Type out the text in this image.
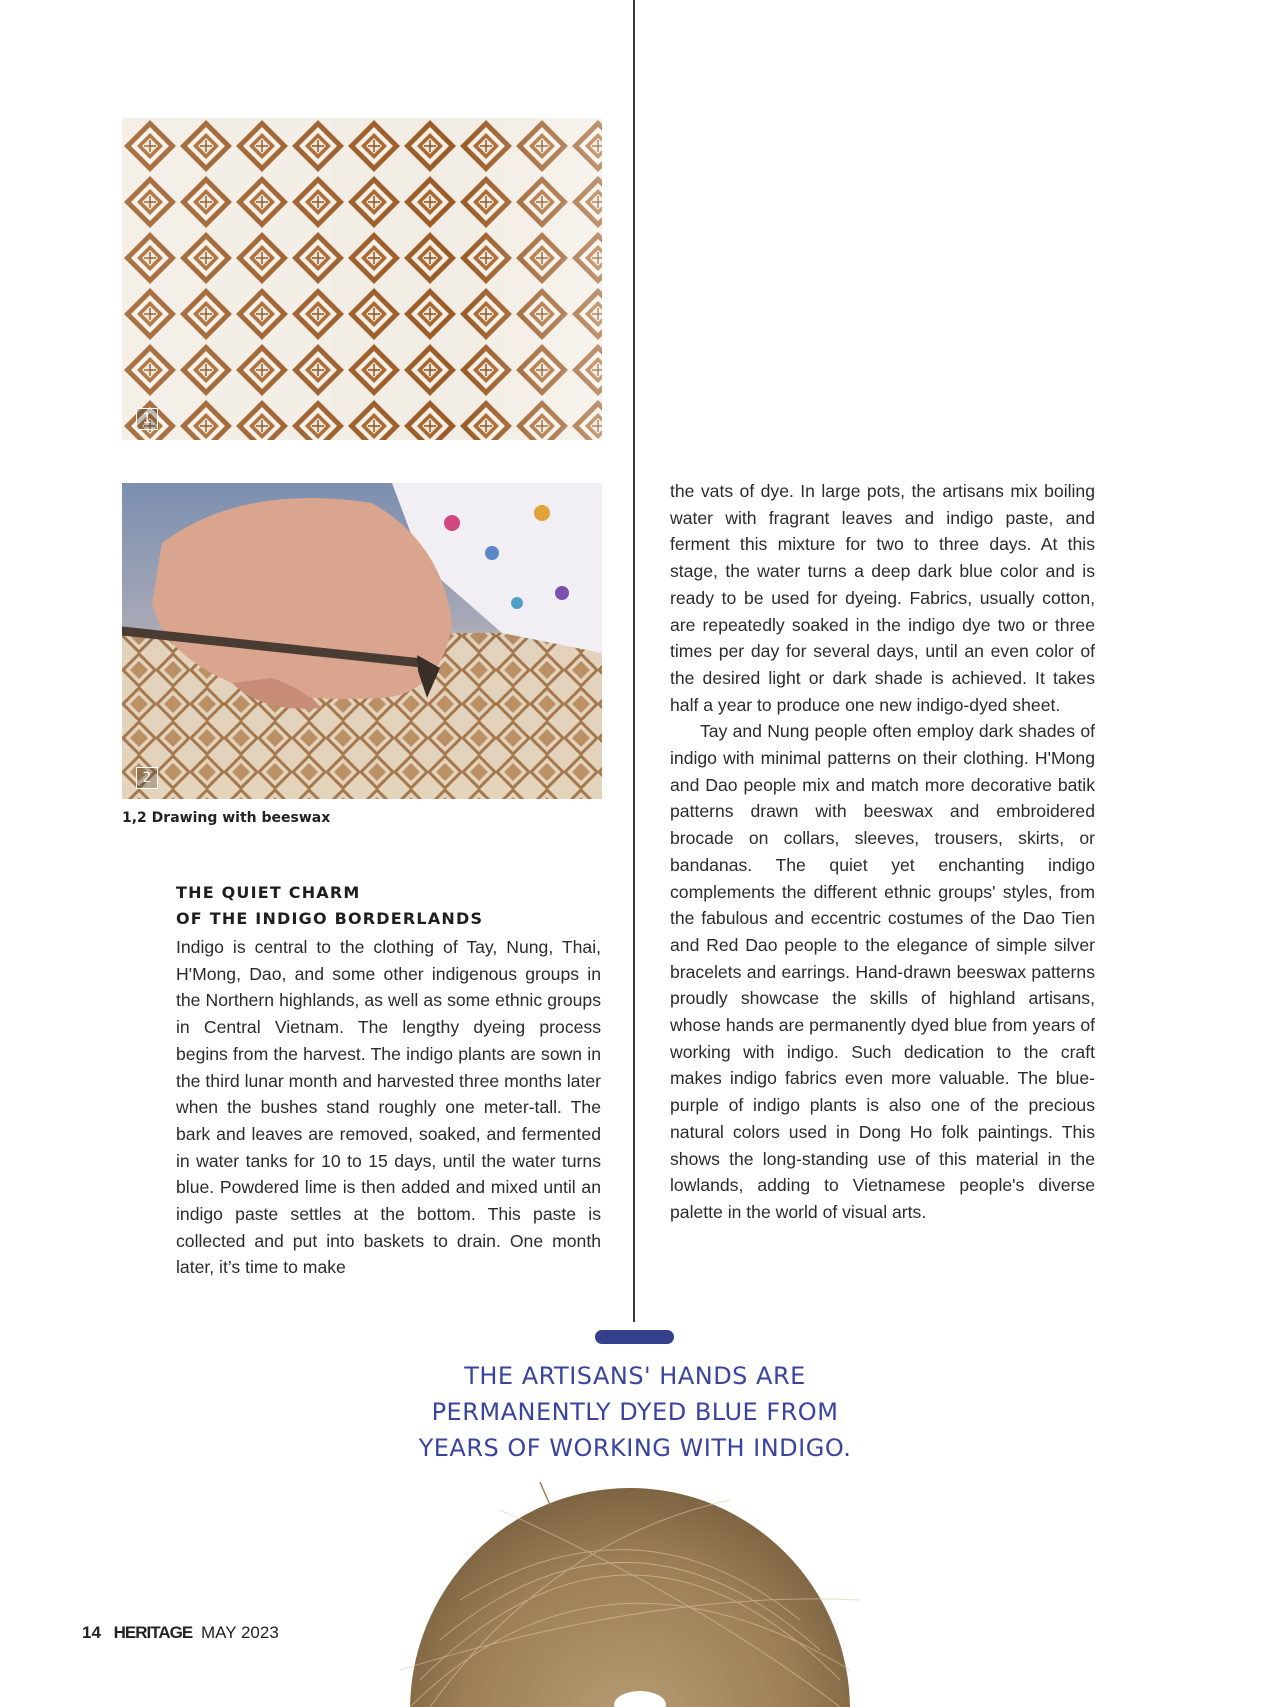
1
2
1,2 Drawing with beeswax
THE QUIET CHARM
OF THE INDIGO BORDERLANDS
Indigo is central to the clothing of Tay, Nung, Thai, H'Mong, Dao, and some other indigenous groups in the Northern highlands, as well as some ethnic groups in Central Vietnam. The lengthy dyeing process begins from the harvest. The indigo plants are sown in the third lunar month and harvested three months later when the bushes stand roughly one meter-tall. The bark and leaves are removed, soaked, and fermented in water tanks for 10 to 15 days, until the water turns blue. Powdered lime is then added and mixed until an indigo paste settles at the bottom. This paste is collected and put into baskets to drain. One month later, it’s time to make

the vats of dye. In large pots, the artisans mix boiling water with fragrant leaves and indigo paste, and ferment this mixture for two to three days. At this stage, the water turns a deep dark blue color and is ready to be used for dyeing. Fabrics, usually cotton, are repeatedly soaked in the indigo dye two or three times per day for several days, until an even color of the desired light or dark shade is achieved. It takes half a year to produce one new indigo-dyed sheet.

Tay and Nung people often employ dark shades of indigo with minimal patterns on their clothing. H'Mong and Dao people mix and match more decorative batik patterns drawn with beeswax and embroidered brocade on collars, sleeves, trousers, skirts, or bandanas. The quiet yet enchanting indigo complements the different ethnic groups' styles, from the fabulous and eccentric costumes of the Dao Tien and Red Dao people to the elegance of simple silver bracelets and earrings. Hand-drawn beeswax patterns proudly showcase the skills of highland artisans, whose hands are permanently dyed blue from years of working with indigo. Such dedication to the craft makes indigo fabrics even more valuable. The blue-purple of indigo plants is also one of the precious natural colors used in Dong Ho folk paintings. This shows the long-standing use of this material in the lowlands, adding to Vietnamese people's diverse palette in the world of visual arts.

THE ARTISANS' HANDS ARE
PERMANENTLY DYED BLUE FROM
YEARS OF WORKING WITH INDIGO.
14 HERITAGE MAY 2023
